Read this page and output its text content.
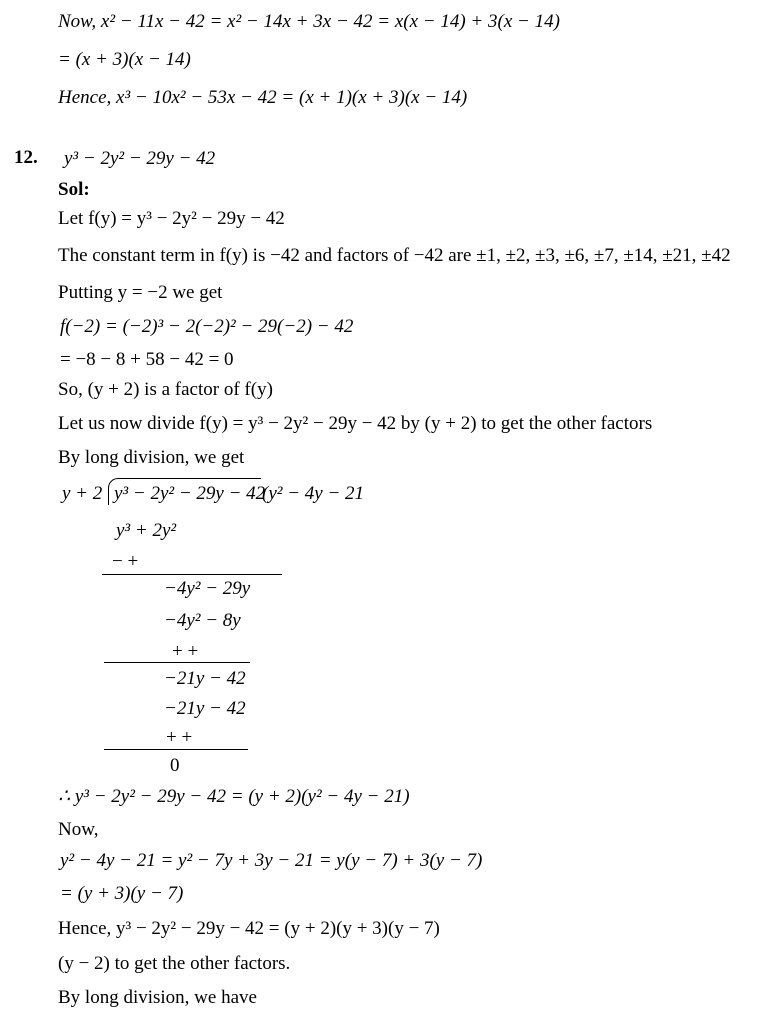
Now, x² − 11x − 42 = x² − 14x + 3x − 42 = x(x − 14) + 3(x − 14)
= (x + 3)(x − 14)
Hence, x³ − 10x² − 53x − 42 = (x + 1)(x + 3)(x − 14)
12. y³ − 2y² − 29y − 42
Sol:
Let f(y) = y³ − 2y² − 29y − 42
The constant term in f(y) is −42 and factors of −42 are ±1, ±2, ±3, ±6, ±7, ±14, ±21, ±42
Putting y = −2 we get
f(−2) = (−2)³ − 2(−2)² − 29(−2) − 42
= −8 − 8 + 58 − 42 = 0
So, (y + 2) is a factor of f(y)
Let us now divide f(y) = y³ − 2y² − 29y − 42 by (y + 2) to get the other factors
By long division, we get
y + 2 y³ − 2y² − 29y − 42
(y² − 4y − 21
y³ + 2y²
− +
−4y² − 29y
−4y² − 8y
+ +
−21y − 42
−21y − 42
+ +
0
∴ y³ − 2y² − 29y − 42 = (y + 2)(y² − 4y − 21)
Now,
y² − 4y − 21 = y² − 7y + 3y − 21 = y(y − 7) + 3(y − 7)
= (y + 3)(y − 7)
Hence, y³ − 2y² − 29y − 42 = (y + 2)(y + 3)(y − 7)
(y − 2) to get the other factors.
By long division, we have
